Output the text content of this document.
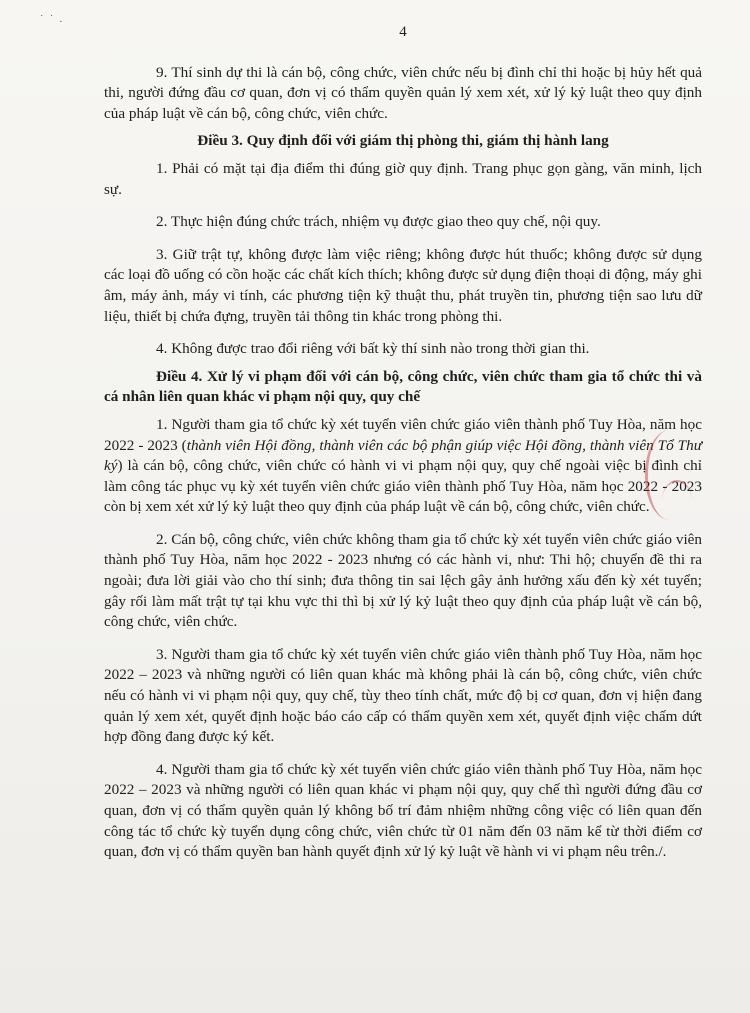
˙ ˙ .
4

9. Thí sinh dự thi là cán bộ, công chức, viên chức nếu bị đình chỉ thi hoặc bị hủy hết quả thi, người đứng đầu cơ quan, đơn vị có thẩm quyền quản lý xem xét, xử lý kỷ luật theo quy định của pháp luật về cán bộ, công chức, viên chức.

Điều 3. Quy định đối với giám thị phòng thi, giám thị hành lang

1. Phải có mặt tại địa điểm thi đúng giờ quy định. Trang phục gọn gàng, văn minh, lịch sự.

2. Thực hiện đúng chức trách, nhiệm vụ được giao theo quy chế, nội quy.

3. Giữ trật tự, không được làm việc riêng; không được hút thuốc; không được sử dụng các loại đồ uống có cồn hoặc các chất kích thích; không được sử dụng điện thoại di động, máy ghi âm, máy ảnh, máy vi tính, các phương tiện kỹ thuật thu, phát truyền tin, phương tiện sao lưu dữ liệu, thiết bị chứa đựng, truyền tải thông tin khác trong phòng thi.

4. Không được trao đổi riêng với bất kỳ thí sinh nào trong thời gian thi.

Điều 4. Xử lý vi phạm đối với cán bộ, công chức, viên chức tham gia tổ chức thi và cá nhân liên quan khác vi phạm nội quy, quy chế

1. Người tham gia tổ chức kỳ xét tuyển viên chức giáo viên thành phố Tuy Hòa, năm học 2022 - 2023 (thành viên Hội đồng, thành viên các bộ phận giúp việc Hội đồng, thành viên Tổ Thư ký) là cán bộ, công chức, viên chức có hành vi vi phạm nội quy, quy chế ngoài việc bị đình chỉ làm công tác phục vụ kỳ xét tuyển viên chức giáo viên thành phố Tuy Hòa, năm học 2022 - 2023 còn bị xem xét xử lý kỷ luật theo quy định của pháp luật về cán bộ, công chức, viên chức.

2. Cán bộ, công chức, viên chức không tham gia tổ chức kỳ xét tuyển viên chức giáo viên thành phố Tuy Hòa, năm học 2022 - 2023 nhưng có các hành vi, như: Thi hộ; chuyển đề thi ra ngoài; đưa lời giải vào cho thí sinh; đưa thông tin sai lệch gây ảnh hưởng xấu đến kỳ xét tuyển; gây rối làm mất trật tự tại khu vực thi thì bị xử lý kỷ luật theo quy định của pháp luật về cán bộ, công chức, viên chức.

3. Người tham gia tổ chức kỳ xét tuyển viên chức giáo viên thành phố Tuy Hòa, năm học 2022 – 2023 và những người có liên quan khác mà không phải là cán bộ, công chức, viên chức nếu có hành vi vi phạm nội quy, quy chế, tùy theo tính chất, mức độ bị cơ quan, đơn vị hiện đang quản lý xem xét, quyết định hoặc báo cáo cấp có thẩm quyền xem xét, quyết định việc chấm dứt hợp đồng đang được ký kết.

4. Người tham gia tổ chức kỳ xét tuyển viên chức giáo viên thành phố Tuy Hòa, năm học 2022 – 2023 và những người có liên quan khác vi phạm nội quy, quy chế thì người đứng đầu cơ quan, đơn vị có thẩm quyền quản lý không bố trí đảm nhiệm những công việc có liên quan đến công tác tổ chức kỳ tuyển dụng công chức, viên chức từ 01 năm đến 03 năm kể từ thời điểm cơ quan, đơn vị có thẩm quyền ban hành quyết định xử lý kỷ luật về hành vi vi phạm nêu trên./.
